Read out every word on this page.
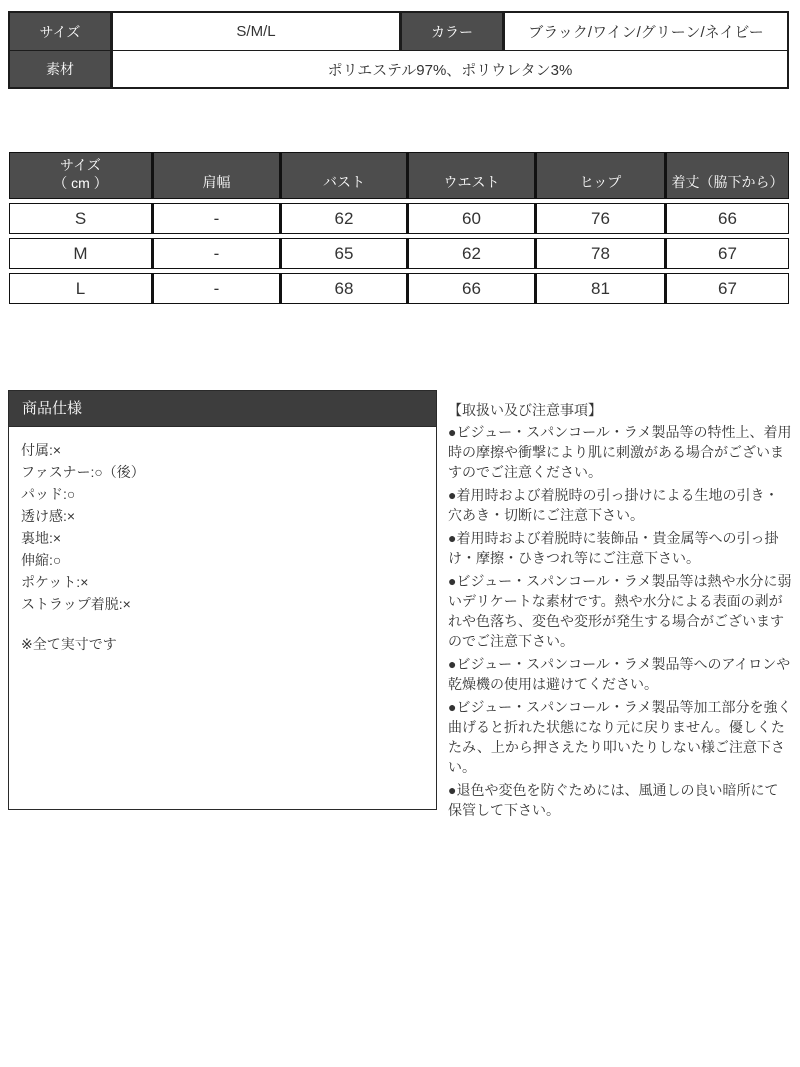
サイズ	S/M/L	カラー	ブラック/ワイン/グリーン/ネイビー
素材	ポリエステル97%、ポリウレタン3%
サイズ
（ cm ）	肩幅	バスト	ウエスト	ヒップ	着丈（脇下から）
S	-	62	60	76	66
M	-	65	62	78	67
L	-	68	66	81	67
商品仕様
付属:×
ファスナー:○（後）
パッド:○
透け感:×
裏地:×
伸縮:○
ポケット:×
ストラップ着脱:×
※全て実寸です
【取扱い及び注意事項】

●ビジュー・スパンコール・ラメ製品等の特性上、着用時の摩擦や衝撃により肌に刺激がある場合がございますのでご注意ください。

●着用時および着脱時の引っ掛けによる生地の引き・穴あき・切断にご注意下さい。

●着用時および着脱時に装飾品・貴金属等への引っ掛け・摩擦・ひきつれ等にご注意下さい。

●ビジュー・スパンコール・ラメ製品等は熱や水分に弱いデリケートな素材です。熱や水分による表面の剥がれや色落ち、変色や変形が発生する場合がございますのでご注意下さい。

●ビジュー・スパンコール・ラメ製品等へのアイロンや乾燥機の使用は避けてください。

●ビジュー・スパンコール・ラメ製品等加工部分を強く曲げると折れた状態になり元に戻りません。優しくたたみ、上から押さえたり叩いたりしない様ご注意下さい。

●退色や変色を防ぐためには、風通しの良い暗所にて保管して下さい。
